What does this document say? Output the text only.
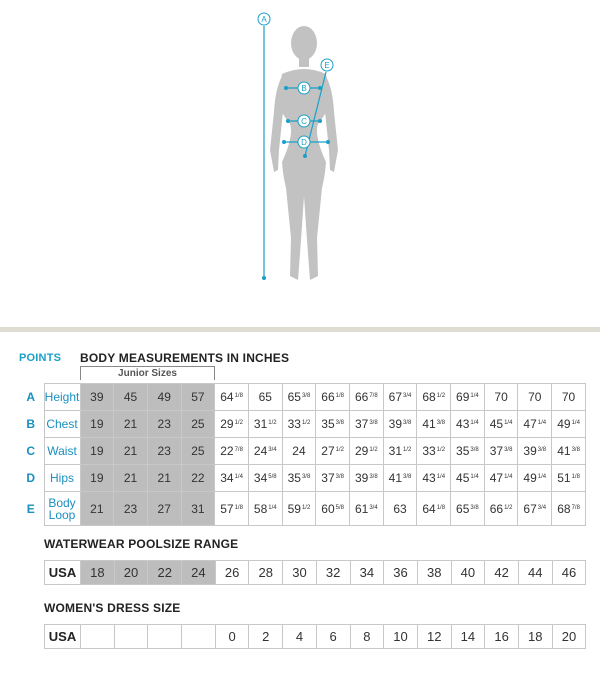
A
B
C
D
E
POINTS BODY MEASUREMENTS IN INCHES
Junior Sizes
A	Height	39	45	49	57	$64^{1/8}$	65	$65^{3/8}$	$66^{1/8}$	$66^{7/8}$	$67^{3/4}$	$68^{1/2}$	$69^{1/4}$	70	70	70
B	Chest	19	21	23	25	$29^{1/2}$	$31^{1/2}$	$33^{1/2}$	$35^{3/8}$	$37^{3/8}$	$39^{3/8}$	$41^{3/8}$	$43^{1/4}$	$45^{1/4}$	$47^{1/4}$	$49^{1/4}$
C	Waist	19	21	23	25	$22^{7/8}$	$24^{3/4}$	24	$27^{1/2}$	$29^{1/2}$	$31^{1/2}$	$33^{1/2}$	$35^{3/8}$	$37^{3/8}$	$39^{3/8}$	$41^{3/8}$
D	Hips	19	21	21	22	$34^{1/4}$	$34^{5/8}$	$35^{3/8}$	$37^{3/8}$	$39^{3/8}$	$41^{3/8}$	$43^{1/4}$	$45^{1/4}$	$47^{1/4}$	$49^{1/4}$	$51^{1/8}$
E	Body Loop	21	23	27	31	$57^{1/8}$	$58^{1/4}$	$59^{1/2}$	$60^{5/8}$	$61^{3/4}$	63	$64^{1/8}$	$65^{3/8}$	$66^{1/2}$	$67^{3/4}$	$68^{7/8}$
WATERWEAR POOLSIZE RANGE
USA	18	20	22	24	26	28	30	32	34	36	38	40	42	44	46
WOMEN'S DRESS SIZE
USA					0	2	4	6	8	10	12	14	16	18	20
